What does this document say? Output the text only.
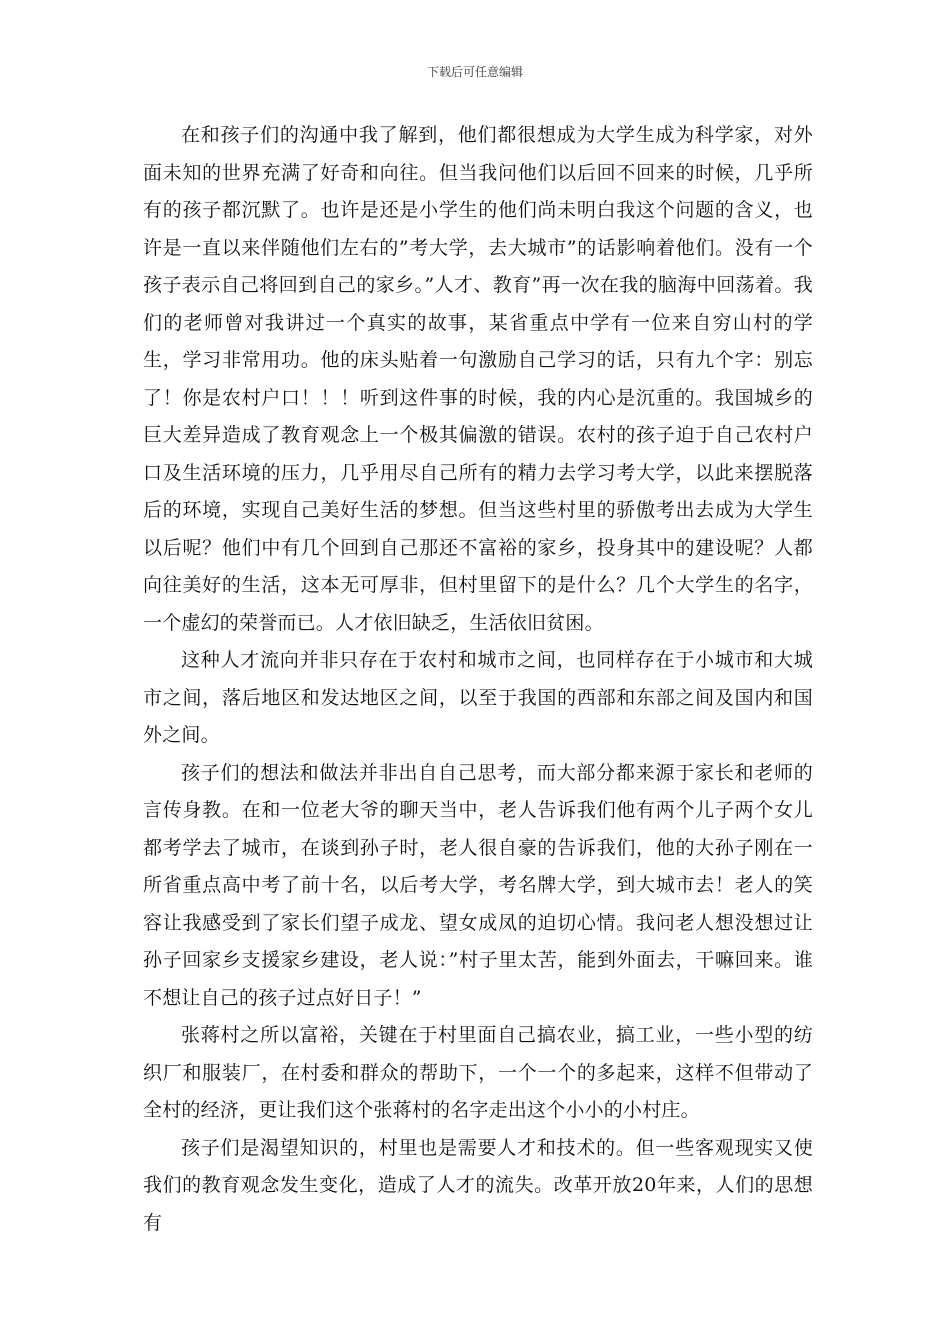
下载后可任意编辑

在和孩子们的沟通中我了解到，他们都很想成为大学生成为科学家，对外面未知的世界充满了好奇和向往。但当我问他们以后回不回来的时候，几乎所有的孩子都沉默了。也许是还是小学生的他们尚未明白我这个问题的含义，也许是一直以来伴随他们左右的”考大学，去大城市”的话影响着他们。没有一个孩子表示自己将回到自己的家乡。”人才、教育”再一次在我的脑海中回荡着。我们的老师曾对我讲过一个真实的故事，某省重点中学有一位来自穷山村的学生，学习非常用功。他的床头贴着一句激励自己学习的话，只有九个字：别忘了！你是农村户口！！！听到这件事的时候，我的内心是沉重的。我国城乡的巨大差异造成了教育观念上一个极其偏激的错误。农村的孩子迫于自己农村户口及生活环境的压力，几乎用尽自己所有的精力去学习考大学，以此来摆脱落后的环境，实现自己美好生活的梦想。但当这些村里的骄傲考出去成为大学生以后呢？他们中有几个回到自己那还不富裕的家乡，投身其中的建设呢？人都向往美好的生活，这本无可厚非，但村里留下的是什么？几个大学生的名字，一个虚幻的荣誉而已。人才依旧缺乏，生活依旧贫困。

这种人才流向并非只存在于农村和城市之间，也同样存在于小城市和大城市之间，落后地区和发达地区之间，以至于我国的西部和东部之间及国内和国外之间。

孩子们的想法和做法并非出自自己思考，而大部分都来源于家长和老师的言传身教。在和一位老大爷的聊天当中，老人告诉我们他有两个儿子两个女儿都考学去了城市，在谈到孙子时，老人很自豪的告诉我们，他的大孙子刚在一所省重点高中考了前十名，以后考大学，考名牌大学，到大城市去！老人的笑容让我感受到了家长们望子成龙、望女成凤的迫切心情。我问老人想没想过让孙子回家乡支援家乡建设，老人说：”村子里太苦，能到外面去，干嘛回来。谁不想让自己的孩子过点好日子！”

张蒋村之所以富裕，关键在于村里面自己搞农业，搞工业，一些小型的纺织厂和服装厂，在村委和群众的帮助下，一个一个的多起来，这样不但带动了全村的经济，更让我们这个张蒋村的名字走出这个小小的小村庄。

孩子们是渴望知识的，村里也是需要人才和技术的。但一些客观现实又使我们的教育观念发生变化，造成了人才的流失。改革开放20年来，人们的思想有
